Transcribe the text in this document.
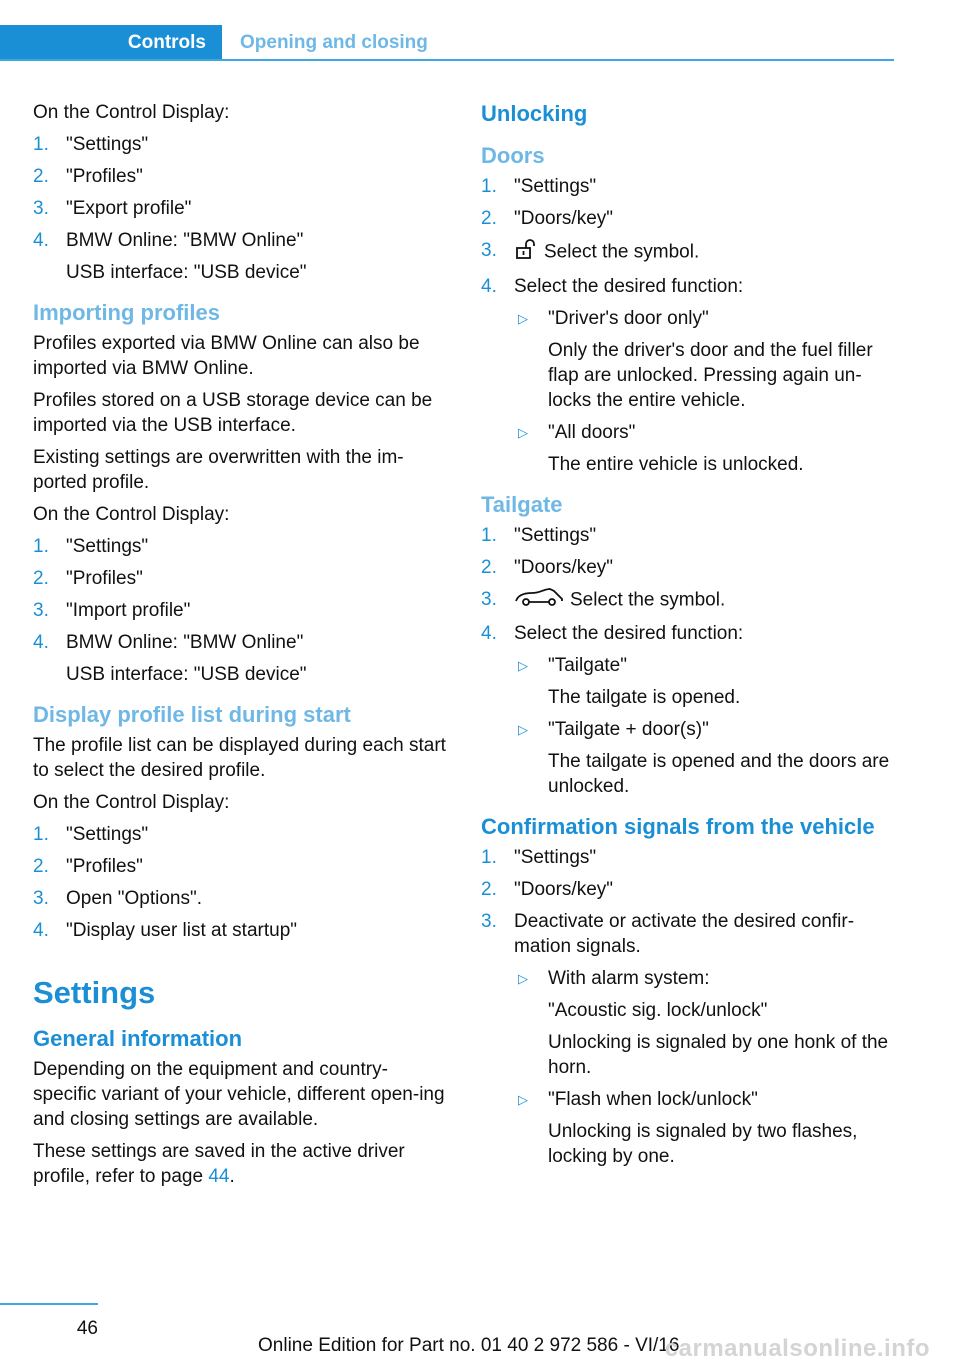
Controls	Opening and closing

On the Control Display:

1. "Settings"
2. "Profiles"
3. "Export profile"
4. BMW Online: "BMW Online"
USB interface: "USB device"
Importing profiles

Profiles exported via BMW Online can also be imported via BMW Online.

Profiles stored on a USB storage device can be imported via the USB interface.

Existing settings are overwritten with the im‐ported profile.

On the Control Display:

1. "Settings"
2. "Profiles"
3. "Import profile"
4. BMW Online: "BMW Online"
USB interface: "USB device"
Display profile list during start

The profile list can be displayed during each start to select the desired profile.

On the Control Display:

1. "Settings"
2. "Profiles"
3. Open "Options".
4. "Display user list at startup"
Settings
General information

Depending on the equipment and country-specific variant of your vehicle, different open‐ing and closing settings are available.

These settings are saved in the active driver profile, refer to page 44.

Unlocking
Doors
1. "Settings"
2. "Doors/key"
3. Select the symbol.
4. Select the desired function:
▷ "Driver's door only"
Only the driver's door and the fuel filler flap are unlocked. Pressing again un‐locks the entire vehicle.
▷ "All doors"
The entire vehicle is unlocked.
Tailgate
1. "Settings"
2. "Doors/key"
3.	Select the symbol.
4. Select the desired function:
▷ "Tailgate"
The tailgate is opened.
▷ "Tailgate + door(s)"
The tailgate is opened and the doors are unlocked.
Confirmation signals from the vehicle
1. "Settings"
2. "Doors/key"
3. Deactivate or activate the desired confir‐mation signals.
▷ With alarm system:
"Acoustic sig. lock/unlock"
Unlocking is signaled by one honk of the horn.
▷ "Flash when lock/unlock"
Unlocking is signaled by two flashes, locking by one.
46
Online Edition for Part no. 01 40 2 972 586 - VI/16
carmanualsonline.info
